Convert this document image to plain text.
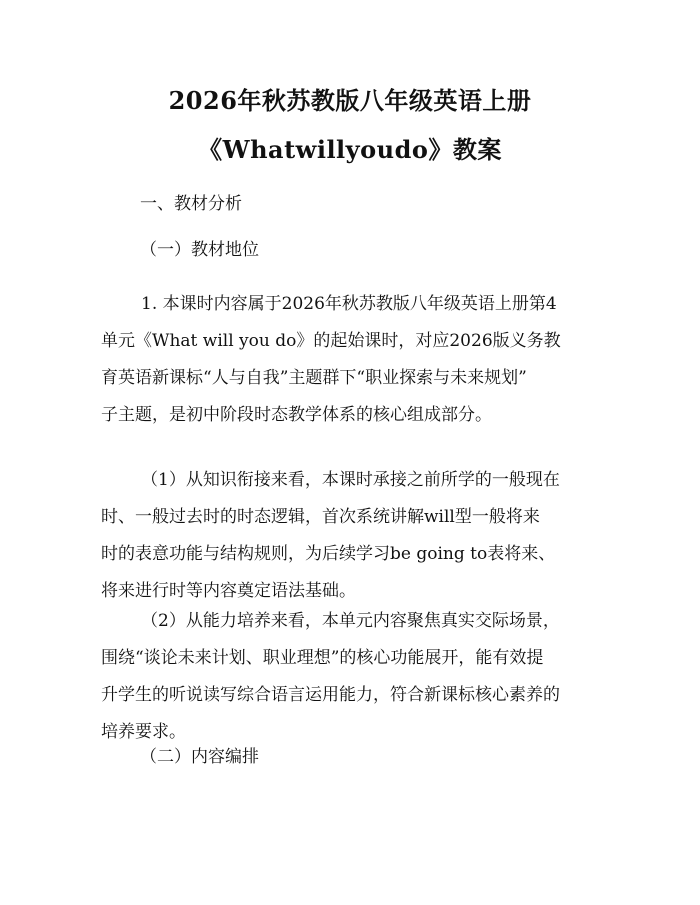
2026年秋苏教版八年级英语上册
《Whatwillyoudo》教案
一、教材分析
（一）教材地位

1. 本课时内容属于2026年秋苏教版八年级英语上册第4
单元《What will you do》的起始课时，对应2026版义务教
育英语新课标“人与自我”主题群下“职业探索与未来规划”
子主题，是初中阶段时态教学体系的核心组成部分。

（1）从知识衔接来看，本课时承接之前所学的一般现在
时、一般过去时的时态逻辑，首次系统讲解will型一般将来
时的表意功能与结构规则，为后续学习be going to表将来、
将来进行时等内容奠定语法基础。

（2）从能力培养来看，本单元内容聚焦真实交际场景，
围绕“谈论未来计划、职业理想”的核心功能展开，能有效提
升学生的听说读写综合语言运用能力，符合新课标核心素养的
培养要求。

（二）内容编排
